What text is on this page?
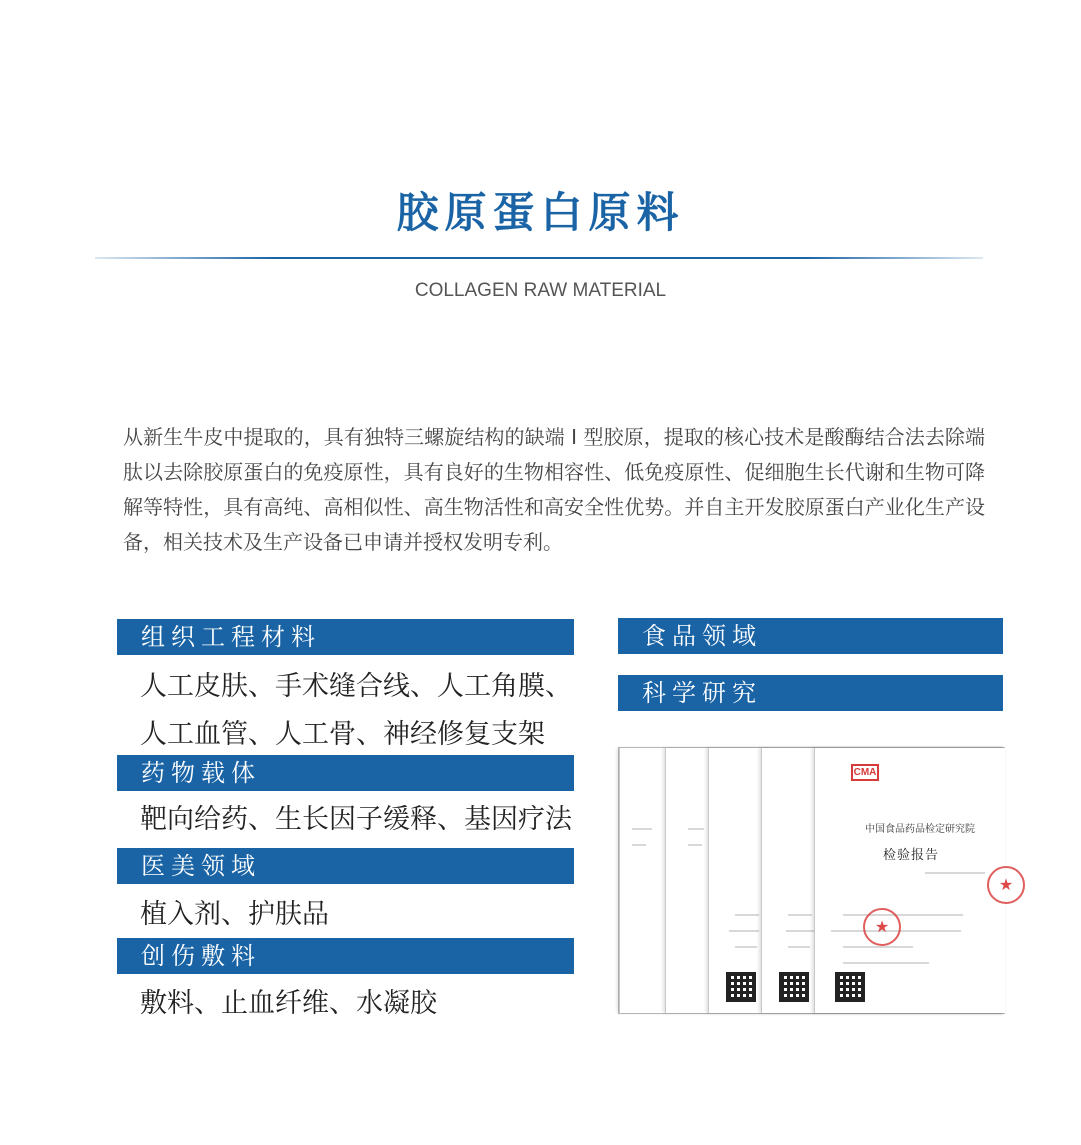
胶原蛋白原料
COLLAGEN RAW MATERIAL

从新生牛皮中提取的，具有独特三螺旋结构的缺端 I 型胶原，提取的核心技术是酸酶结合法去除端肽以去除胶原蛋白的免疫原性，具有良好的生物相容性、低免疫原性、促细胞生长代谢和生物可降解等特性，具有高纯、高相似性、高生物活性和高安全性优势。并自主开发胶原蛋白产业化生产设备，相关技术及生产设备已申请并授权发明专利。

组织工程材料
人工皮肤、手术缝合线、人工角膜、
人工血管、人工骨、神经修复支架
药物载体
靶向给药、生长因子缓释、基因疗法
医美领域
植入剂、护肤品
创伤敷料
敷料、止血纤维、水凝胶
食品领域
科学研究
CMA
中国食品药品检定研究院
检验报告
★
★
